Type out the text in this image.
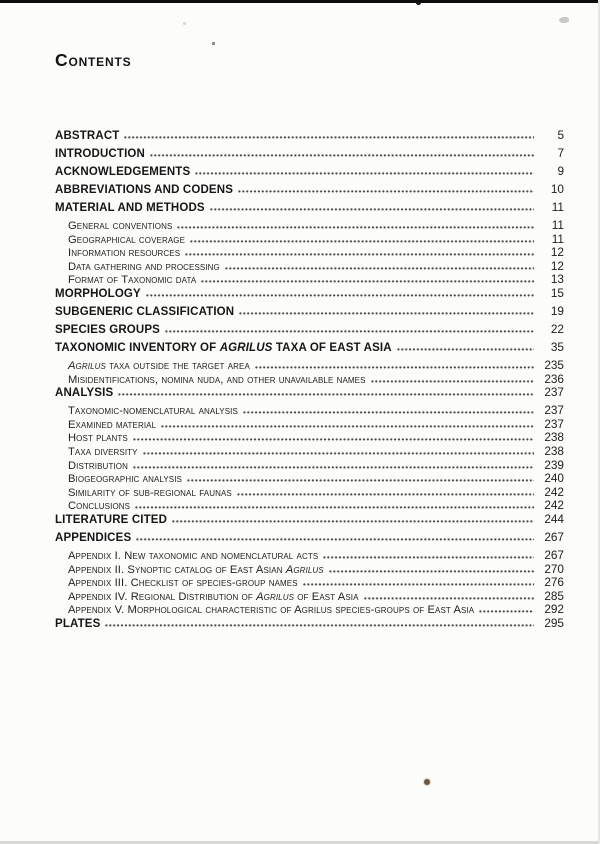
Contents
ABSTRACT	5
INTRODUCTION	7
ACKNOWLEDGEMENTS	9
ABBREVIATIONS AND CODENS	10
MATERIAL AND METHODS	11
General conventions	11
Geographical coverage	11
Information resources	12
Data gathering and processing	12
Format of Taxonomic data	13
MORPHOLOGY	15
SUBGENERIC CLASSIFICATION	19
SPECIES GROUPS	22
TAXONOMIC INVENTORY OF AGRILUS TAXA OF EAST ASIA	35
Agrilus taxa outside the target area	235
Misidentifications, nomina nuda, and other unavailable names	236
ANALYSIS	237
Taxonomic-nomenclatural analysis	237
Examined material	237
Host plants	238
Taxa diversity	238
Distribution	239
Biogeographic analysis	240
Similarity of sub-regional faunas	242
Conclusions	242
LITERATURE CITED	244
APPENDICES	267
Appendix I. New taxonomic and nomenclatural acts	267
Appendix II. Synoptic catalog of East Asian Agrilus	270
Appendix III. Checklist of species-group names	276
Appendix IV. Regional Distribution of Agrilus of East Asia	285
Appendix V. Morphological characteristic of Agrilus species-groups of East Asia	292
PLATES	295
